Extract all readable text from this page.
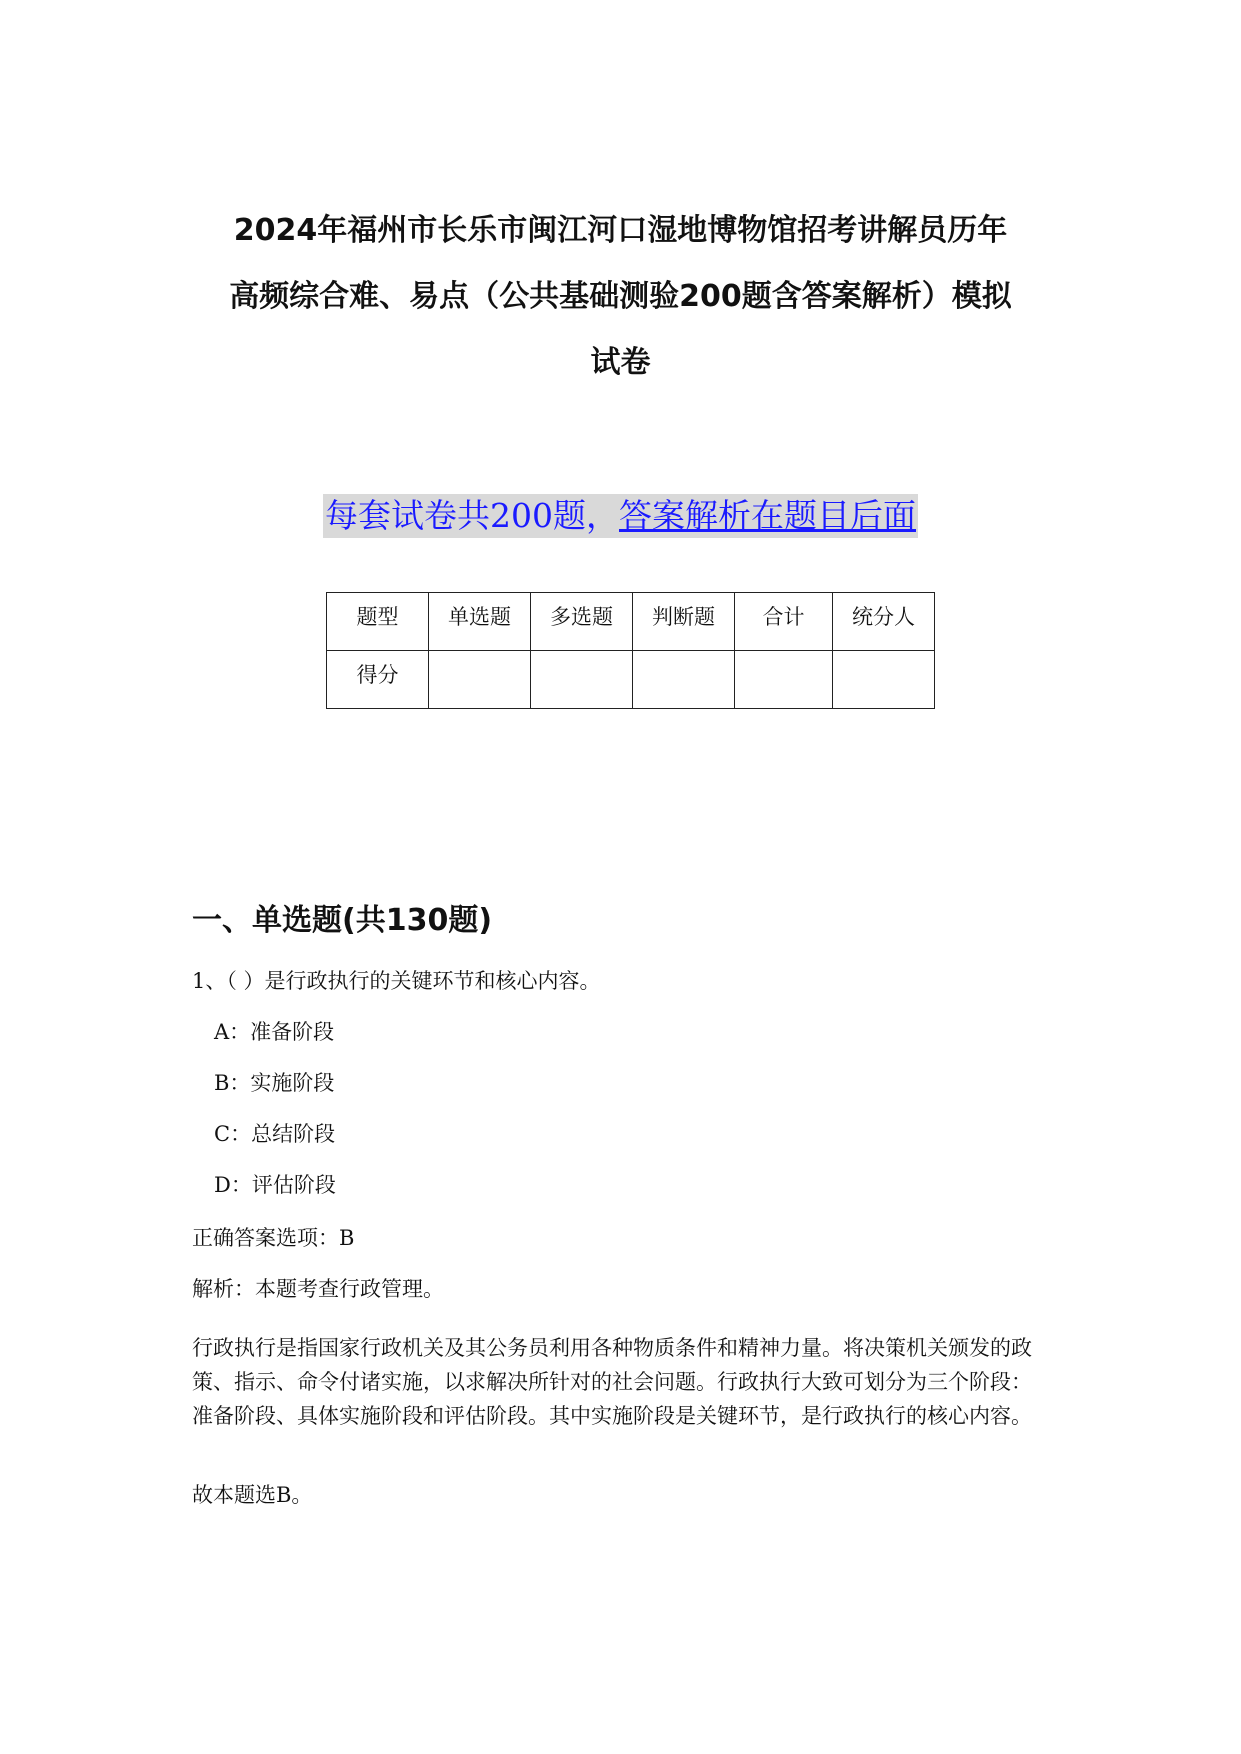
2024年福州市长乐市闽江河口湿地博物馆招考讲解员历年
高频综合难、易点（公共基础测验200题含答案解析）模拟
试卷
每套试卷共200题，答案解析在题目后面
题型	单选题	多选题	判断题	合计	统分人
得分					
一、单选题(共130题)
1、（ ）是行政执行的关键环节和核心内容。
A：准备阶段
B：实施阶段
C：总结阶段
D：评估阶段
正确答案选项：B
解析：本题考查行政管理。
行政执行是指国家行政机关及其公务员利用各种物质条件和精神力量。将决策机关颁发的政策、指示、命令付诸实施，以求解决所针对的社会问题。行政执行大致可划分为三个阶段：准备阶段、具体实施阶段和评估阶段。其中实施阶段是关键环节，是行政执行的核心内容。
故本题选B。
